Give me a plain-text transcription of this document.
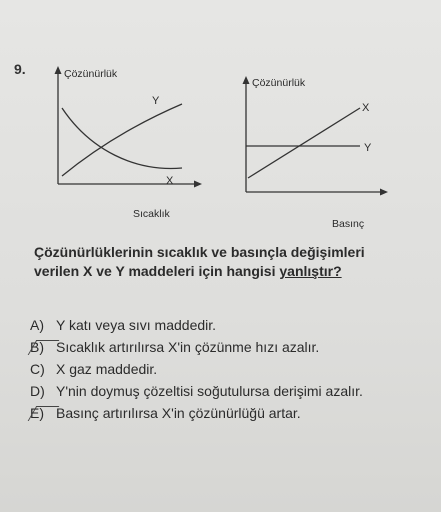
9.	Çözünürlük
Sıcaklık
Y
X
Çözünürlük
Basınç
X
Y
Çözünürlüklerinin sıcaklık ve basınçla değişimleri
verilen X ve Y maddeleri için hangisi yanlıştır?
A) Y katı veya sıvı maddedir.
B) Sıcaklık artırılırsa X'in çözünme hızı azalır.
C) X gaz maddedir.
D) Y'nin doymuş çözeltisi soğutulursa derişimi azalır.
E) Basınç artırılırsa X'in çözünürlüğü artar.
